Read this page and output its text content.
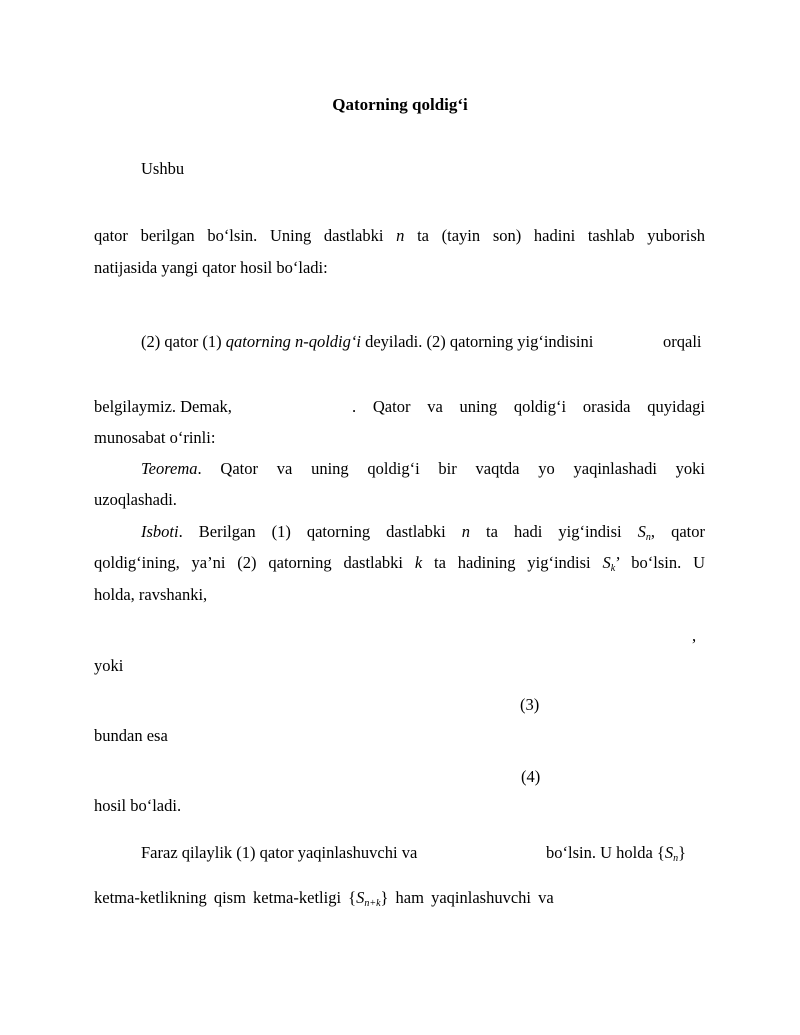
Qatorning qoldig‘i
Ushbu
qator berilgan bo‘lsin. Uning dastlabki n ta (tayin son) hadini tashlab yuborish
natijasida yangi qator hosil bo‘ladi:
(2) qator (1) qatorning n-qoldig‘i deyiladi. (2) qatorning yig‘indisini	orqali
belgilaymiz. Demak,	. Qator va uning qoldig‘i orasida quyidagi
munosabat o‘rinli:
Teorema. Qator va uning qoldig‘i bir vaqtda yo yaqinlashadi yoki
uzoqlashadi.
Isboti. Berilgan (1) qatorning dastlabki n ta hadi yig‘indisi $S_n$, qator
qoldig‘ining, ya’ni (2) qatorning dastlabki k ta hadining yig‘indisi $S_k$’ bo‘lsin. U
holda, ravshanki,
,
yoki
(3)
bundan esa
(4)
hosil bo‘ladi.
Faraz qilaylik (1) qator yaqinlashuvchi va	bo‘lsin. U holda $\{S_n\}$
ketma-ketlikning qism ketma-ketligi $\{S_{n+k}\}$ ham yaqinlashuvchi va
